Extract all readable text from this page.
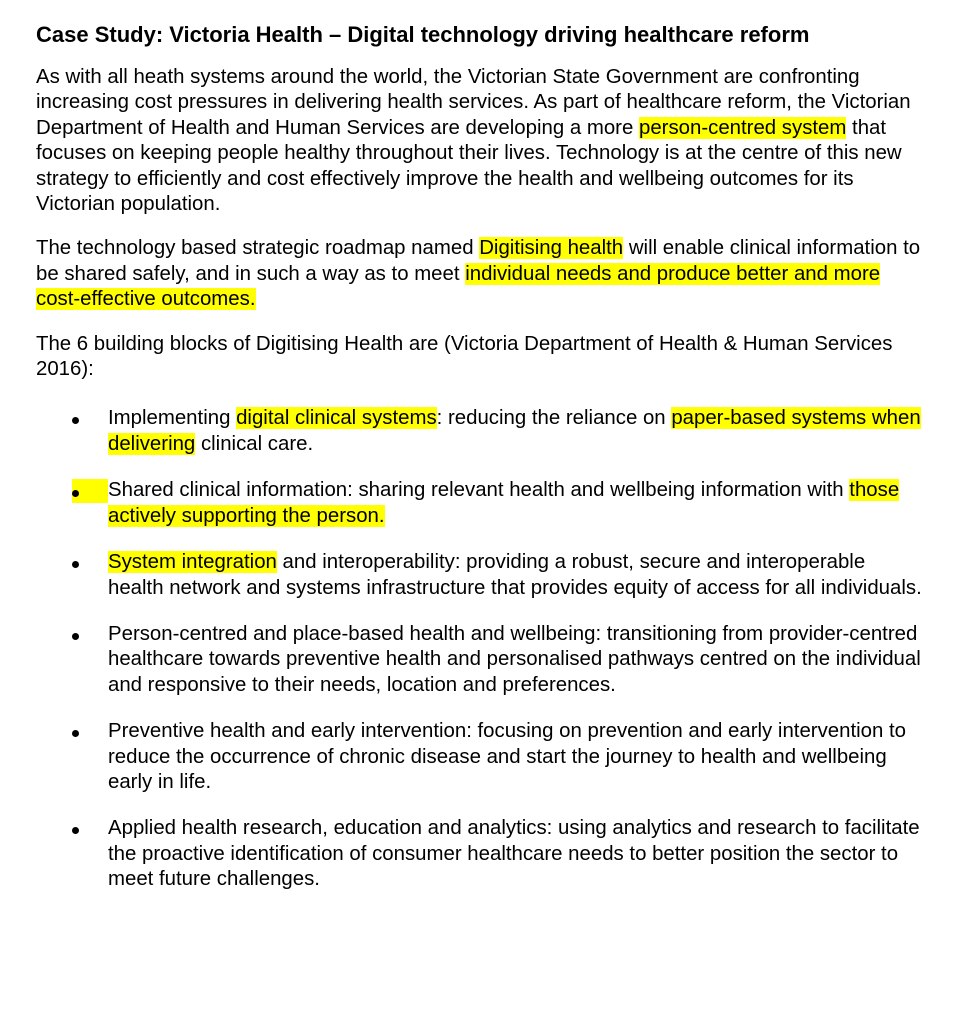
Case Study: Victoria Health – Digital technology driving healthcare reform

As with all heath systems around the world, the Victorian State Government are confronting increasing cost pressures in delivering health services. As part of healthcare reform, the Victorian Department of Health and Human Services are developing a more person-centred system that focuses on keeping people healthy throughout their lives. Technology is at the centre of this new strategy to efficiently and cost effectively improve the health and wellbeing outcomes for its Victorian population.

The technology based strategic roadmap named Digitising health will enable clinical information to be shared safely, and in such a way as to meet individual needs and produce better and more cost-effective outcomes.

The 6 building blocks of Digitising Health are (Victoria Department of Health & Human Services 2016):

Implementing digital clinical systems: reducing the reliance on paper-based systems when delivering clinical care.
Shared clinical information: sharing relevant health and wellbeing information with those actively supporting the person.
System integration and interoperability: providing a robust, secure and interoperable health network and systems infrastructure that provides equity of access for all individuals.
Person-centred and place-based health and wellbeing: transitioning from provider-centred healthcare towards preventive health and personalised pathways centred on the individual and responsive to their needs, location and preferences.
Preventive health and early intervention: focusing on prevention and early intervention to reduce the occurrence of chronic disease and start the journey to health and wellbeing early in life.
Applied health research, education and analytics: using analytics and research to facilitate the proactive identification of consumer healthcare needs to better position the sector to meet future challenges.
